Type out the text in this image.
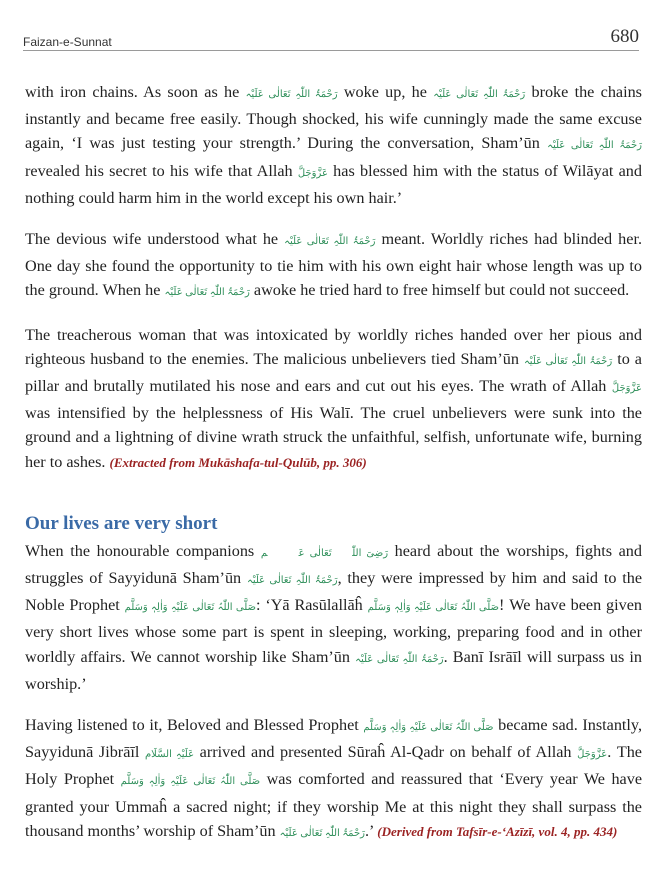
Faizan-e-Sunnat	680

with iron chains. As soon as he رَحْمَۃُ اللّٰہِ تَعَالٰی عَلَیْہ woke up, he رَحْمَۃُ اللّٰہِ تَعَالٰی عَلَیْہ broke the chains instantly and became free easily. Though shocked, his wife cunningly made the same excuse again, ‘I was just testing your strength.’ During the conversation, Sham’ūn رَحْمَۃُ اللّٰہِ تَعَالٰی عَلَیْہ revealed his secret to his wife that Allah عَزَّوَجَلَّ has blessed him with the status of Wilāyat and nothing could harm him in the world except his own hair.’

The devious wife understood what he رَحْمَۃُ اللّٰہِ تَعَالٰی عَلَیْہ meant. Worldly riches had blinded her. One day she found the opportunity to tie him with his own eight hair whose length was up to the ground. When he رَحْمَۃُ اللّٰہِ تَعَالٰی عَلَیْہ awoke he tried hard to free himself but could not succeed.

The treacherous woman that was intoxicated by worldly riches handed over her pious and righteous husband to the enemies. The malicious unbelievers tied Sham’ūn رَحْمَۃُ اللّٰہِ تَعَالٰی عَلَیْہ to a pillar and brutally mutilated his nose and ears and cut out his eyes. The wrath of Allah عَزَّوَجَلَّ was intensified by the helplessness of His Walī. The cruel unbelievers were sunk into the ground and a lightning of divine wrath struck the unfaithful, selfish, unfortunate wife, burning her to ashes. (Extracted from Mukāshafa-tul-Qulūb, pp. 306)

Our lives are very short

When the honourable companions رَضِیَ اللّٰہُ تَعَالٰی عَنۡہُم heard about the worships, fights and struggles of Sayyidunā Sham’ūn رَحْمَۃُ اللّٰہِ تَعَالٰی عَلَیْہ, they were impressed by him and said to the Noble Prophet صَلَّی اللّٰہُ تَعَالٰی عَلَیْہِ وَاٰلِہٖ وَسَلَّم: ‘Yā Rasūlallāĥ صَلَّی اللّٰہُ تَعَالٰی عَلَیْہِ وَاٰلِہٖ وَسَلَّم! We have been given very short lives whose some part is spent in sleeping, working, preparing food and in other worldly affairs. We cannot worship like Sham’ūn رَحْمَۃُ اللّٰہِ تَعَالٰی عَلَیْہ. Banī Isrāīl will surpass us in worship.’

Having listened to it, Beloved and Blessed Prophet صَلَّی اللّٰہُ تَعَالٰی عَلَیْہِ وَاٰلِہٖ وَسَلَّم became sad. Instantly, Sayyidunā Jibrāīl عَلَیْہِ السَّلَام arrived and presented Sūraĥ Al-Qadr on behalf of Allah عَزَّوَجَلَّ. The Holy Prophet صَلَّی اللّٰہُ تَعَالٰی عَلَیْہِ وَاٰلِہٖ وَسَلَّم was comforted and reassured that ‘Every year We have granted your Ummaĥ a sacred night; if they worship Me at this night they shall surpass the thousand months’ worship of Sham’ūn رَحْمَۃُ اللّٰہِ تَعَالٰی عَلَیْہ.’ (Derived from Tafsīr-e-‘Azīzī, vol. 4, pp. 434)
